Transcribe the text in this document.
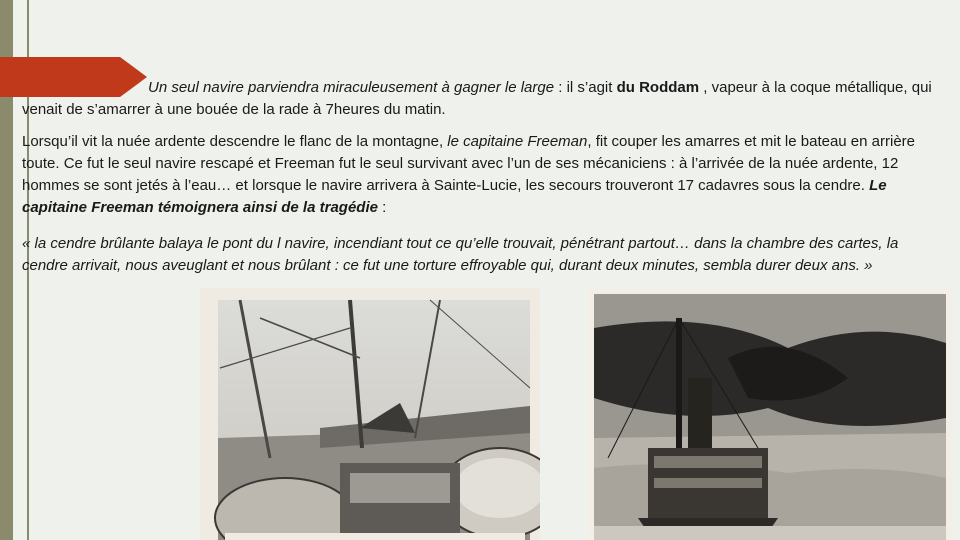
Un seul navire parviendra miraculeusement à gagner le large : il s’agit du Roddam , vapeur à la coque métallique, qui venait de s’amarrer à une bouée de la rade à 7heures du matin.

Lorsqu’il vit la nuée ardente descendre le flanc de la montagne, le capitaine Freeman, fit couper les amarres et mit le bateau en arrière toute. Ce fut le seul navire rescapé et Freeman fut le seul survivant avec l’un de ses mécaniciens : à l’arrivée de la nuée ardente, 12 hommes se sont jetés à l’eau… et lorsque le navire arrivera à Sainte-Lucie, les secours trouveront 17 cadavres sous la cendre. Le capitaine Freeman témoignera ainsi de la tragédie :

« la cendre brûlante balaya le pont du l navire, incendiant tout ce qu’elle trouvait, pénétrant partout… dans la chambre des cartes, la cendre arrivait, nous aveuglant et nous brûlant : ce fut une torture effroyable qui, durant deux minutes, sembla durer deux ans. »
